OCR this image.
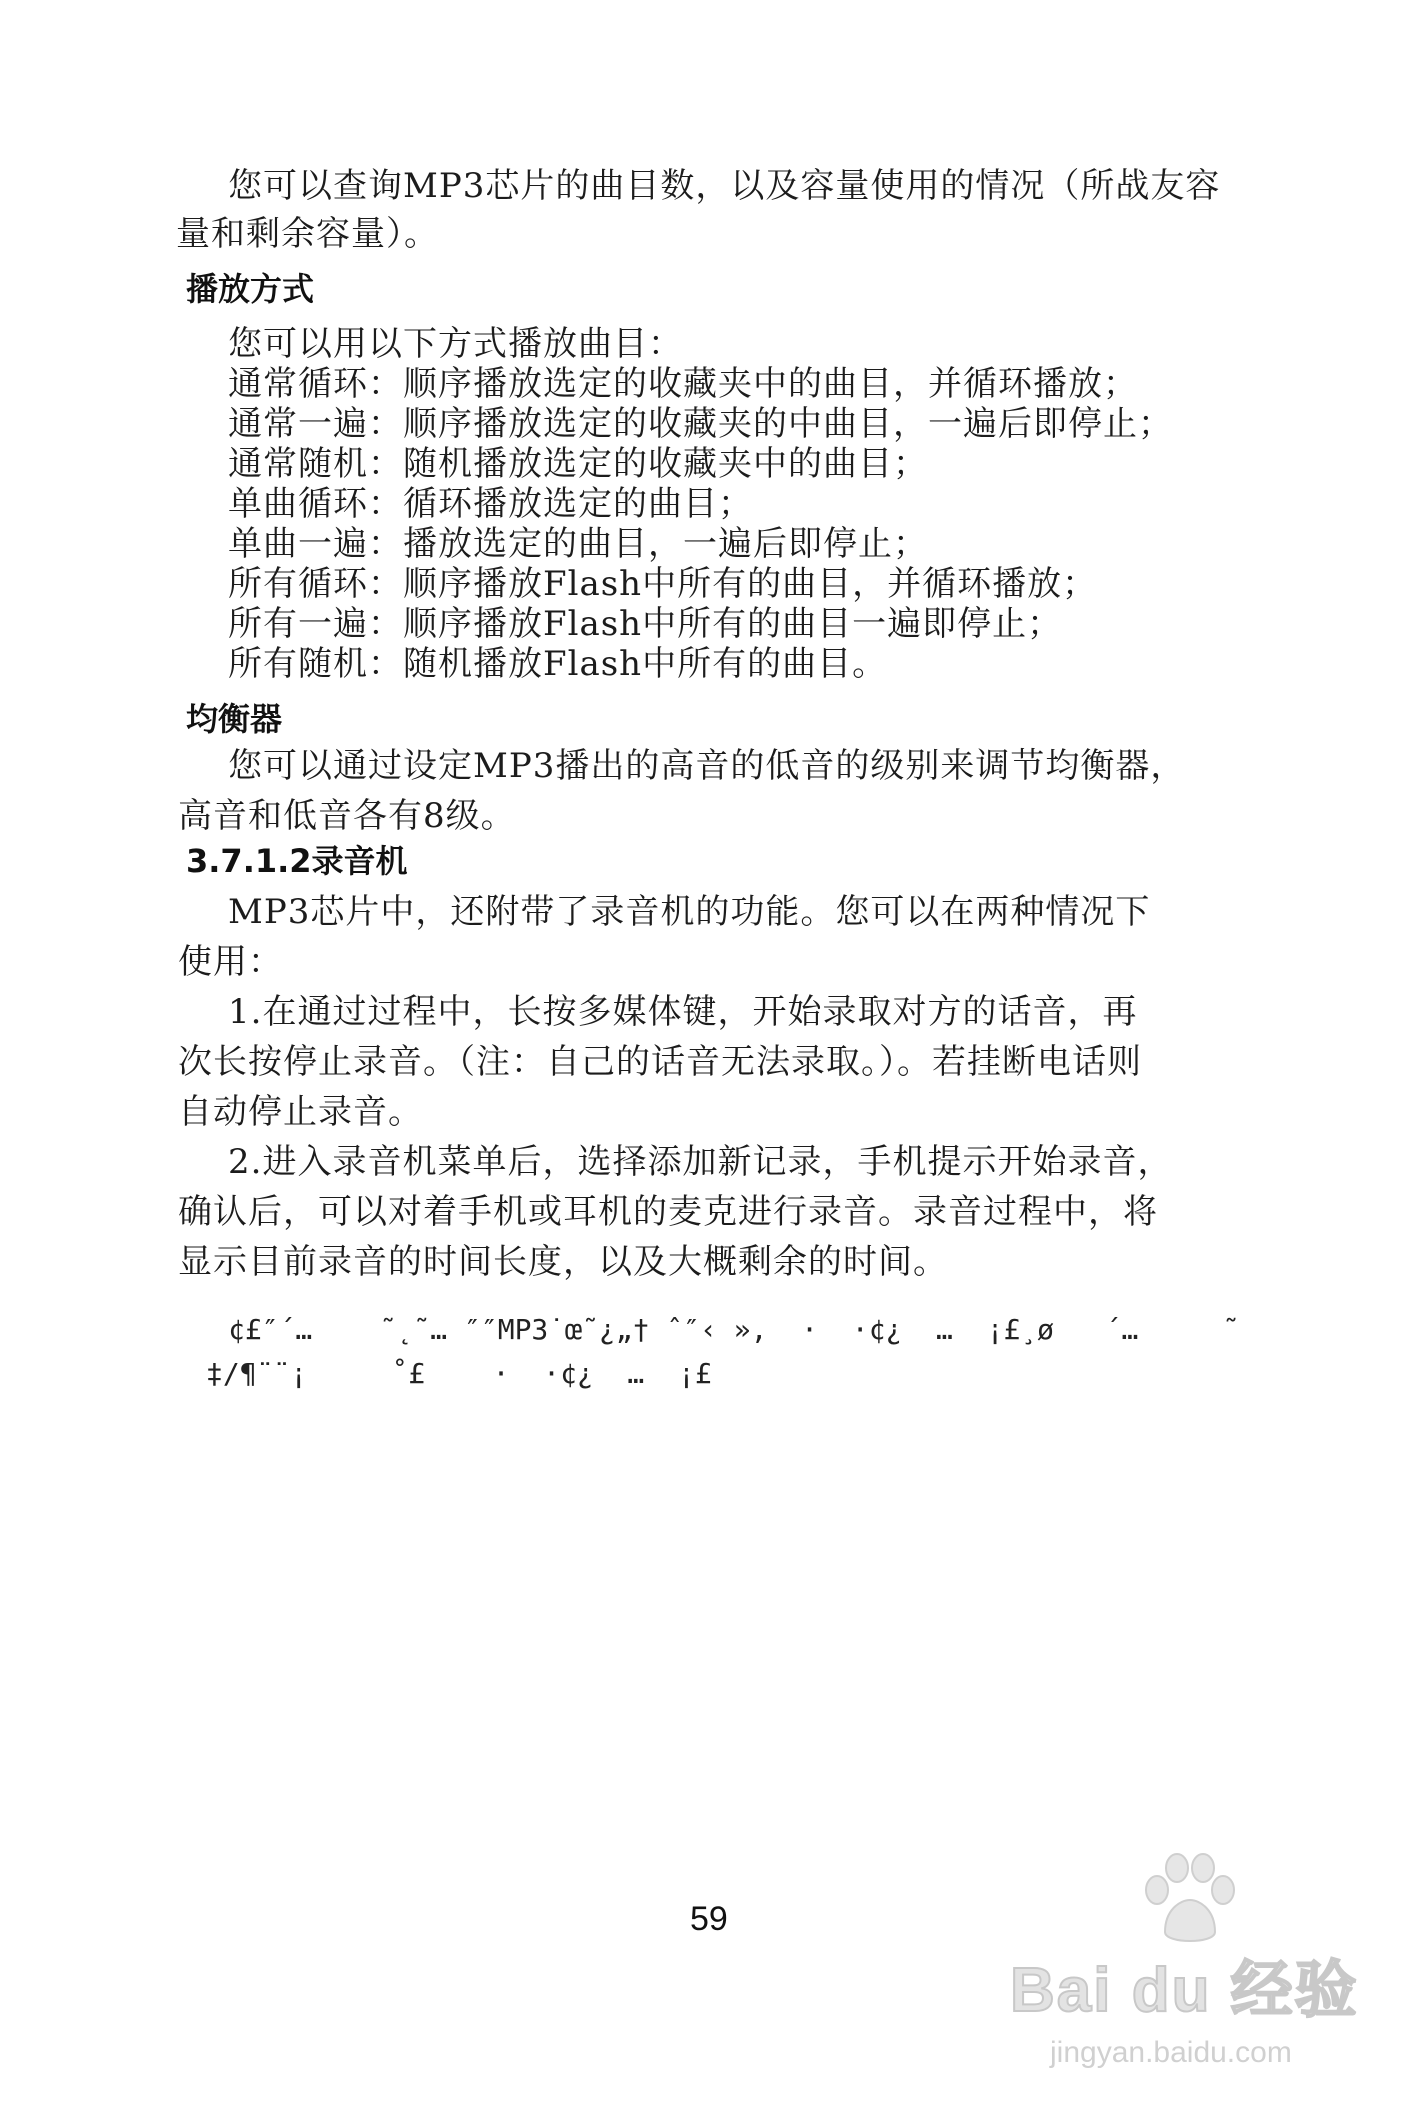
您可以查询MP3芯片的曲目数，以及容量使用的情况（所战友容
量和剩余容量）。
播放方式
您可以用以下方式播放曲目：
通常循环：顺序播放选定的收藏夹中的曲目，并循环播放；
通常一遍：顺序播放选定的收藏夹的中曲目，一遍后即停止；
通常随机：随机播放选定的收藏夹中的曲目；
单曲循环：循环播放选定的曲目；
单曲一遍：播放选定的曲目，一遍后即停止；
所有循环：顺序播放Flash中所有的曲目，并循环播放；
所有一遍：顺序播放Flash中所有的曲目一遍即停止；
所有随机：随机播放Flash中所有的曲目。
均衡器
您可以通过设定MP3播出的高音的低音的级别来调节均衡器，
高音和低音各有8级。
3.7.1.2录音机
MP3芯片中，还附带了录音机的功能。您可以在两种情况下
使用：
1.在通过过程中，长按多媒体键，开始录取对方的话音，再
次长按停止录音。（注：自己的话音无法录取。）。若挂断电话则
自动停止录音。
2.进入录音机菜单后，选择添加新记录，手机提示开始录音，
确认后，可以对着手机或耳机的麦克进行录音。录音过程中，将
显示目前录音的时间长度，以及大概剩余的时间。
¢£″´…    ˜˛˜… ″″MP3˙œ˜¿„† ˆ″‹ »,  ·  ·¢¿  …  ¡£¸ø   ´…     ˜
‡/¶¨¨¡     ˚£    ·  ·¢¿  …  ¡£
59
Bai du 经验
jingyan.baidu.com
